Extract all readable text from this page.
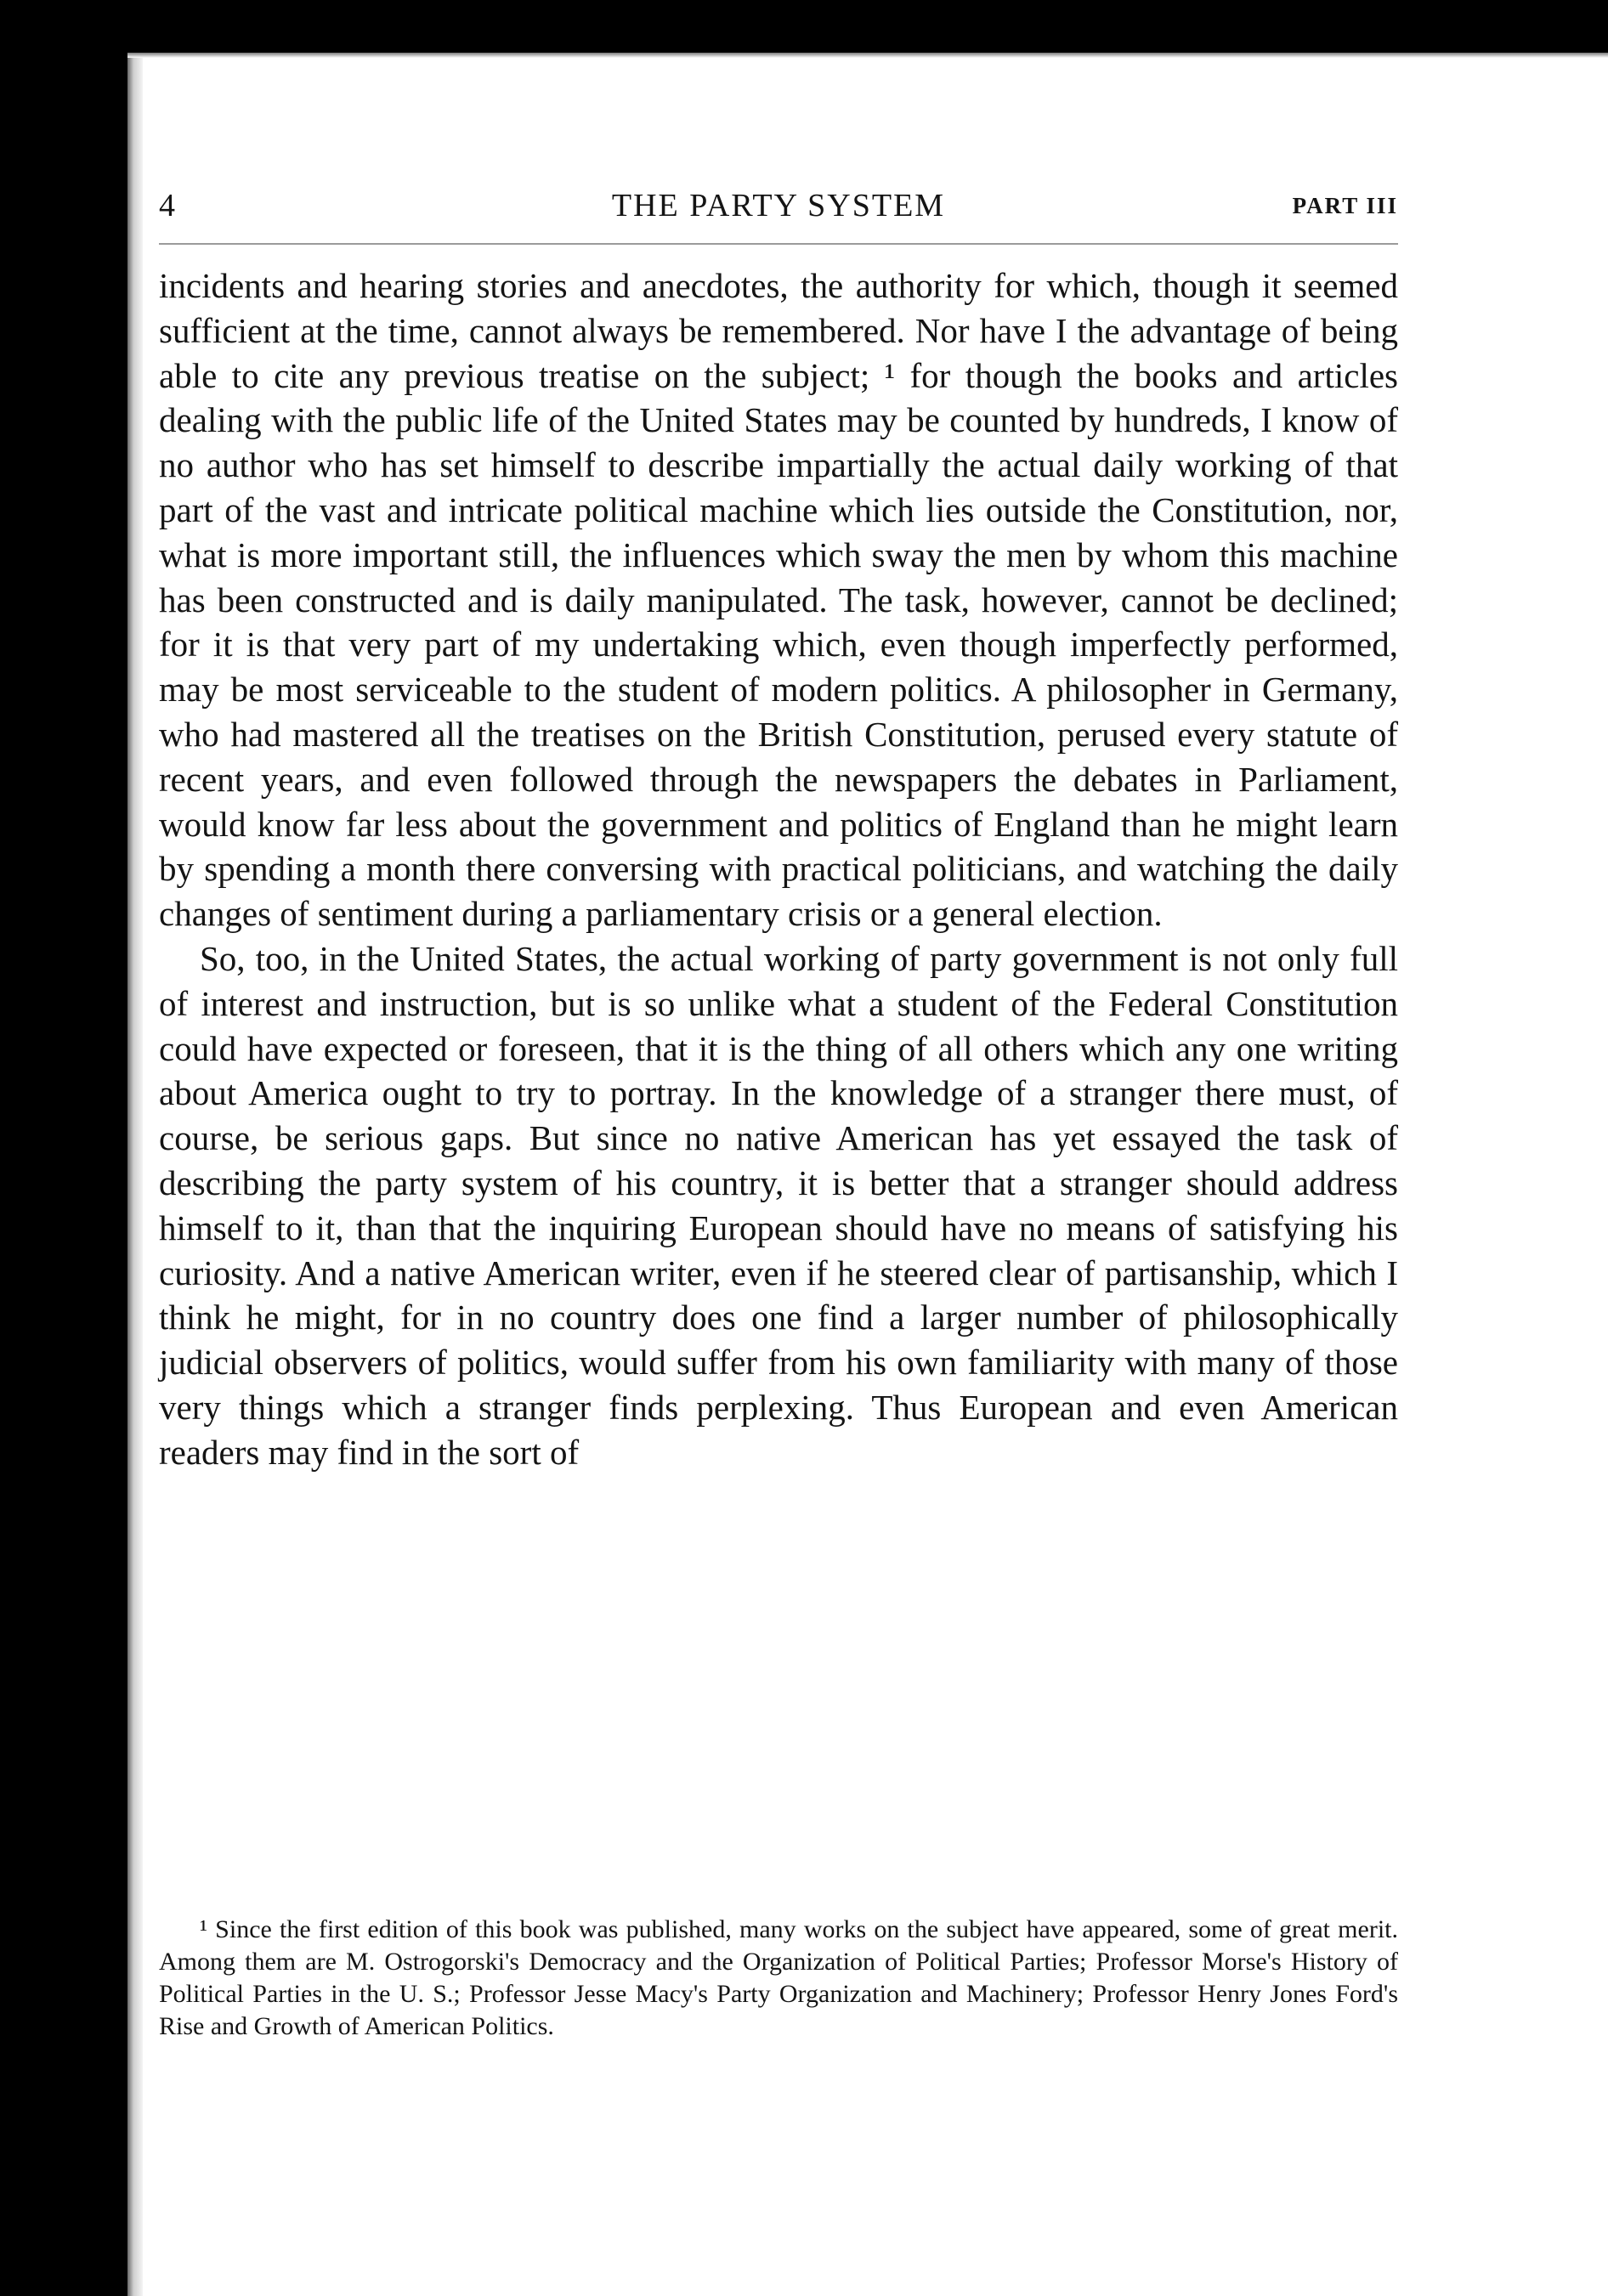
4	THE PARTY SYSTEM	PART III

incidents and hearing stories and anecdotes, the authority for which, though it seemed sufficient at the time, cannot always be remembered. Nor have I the advantage of being able to cite any previous treatise on the subject; ¹ for though the books and articles dealing with the public life of the United States may be counted by hundreds, I know of no author who has set himself to describe impartially the actual daily working of that part of the vast and intricate political machine which lies outside the Constitution, nor, what is more important still, the influences which sway the men by whom this machine has been constructed and is daily manipulated. The task, however, cannot be declined; for it is that very part of my undertaking which, even though imperfectly performed, may be most serviceable to the student of modern politics. A philosopher in Germany, who had mastered all the treatises on the British Constitution, perused every statute of recent years, and even followed through the newspapers the debates in Parliament, would know far less about the government and politics of England than he might learn by spending a month there conversing with practical politicians, and watching the daily changes of sentiment during a parliamentary crisis or a general election.

So, too, in the United States, the actual working of party government is not only full of interest and instruction, but is so unlike what a student of the Federal Constitution could have expected or foreseen, that it is the thing of all others which any one writing about America ought to try to portray. In the knowledge of a stranger there must, of course, be serious gaps. But since no native American has yet essayed the task of describing the party system of his country, it is better that a stranger should address himself to it, than that the inquiring European should have no means of satisfying his curiosity. And a native American writer, even if he steered clear of partisanship, which I think he might, for in no country does one find a larger number of philosophically judicial observers of politics, would suffer from his own familiarity with many of those very things which a stranger finds perplexing. Thus European and even American readers may find in the sort of

¹ Since the first edition of this book was published, many works on the subject have appeared, some of great merit. Among them are M. Ostrogorski's Democracy and the Organization of Political Parties; Professor Morse's History of Political Parties in the U. S.; Professor Jesse Macy's Party Organization and Machinery; Professor Henry Jones Ford's Rise and Growth of American Politics.
